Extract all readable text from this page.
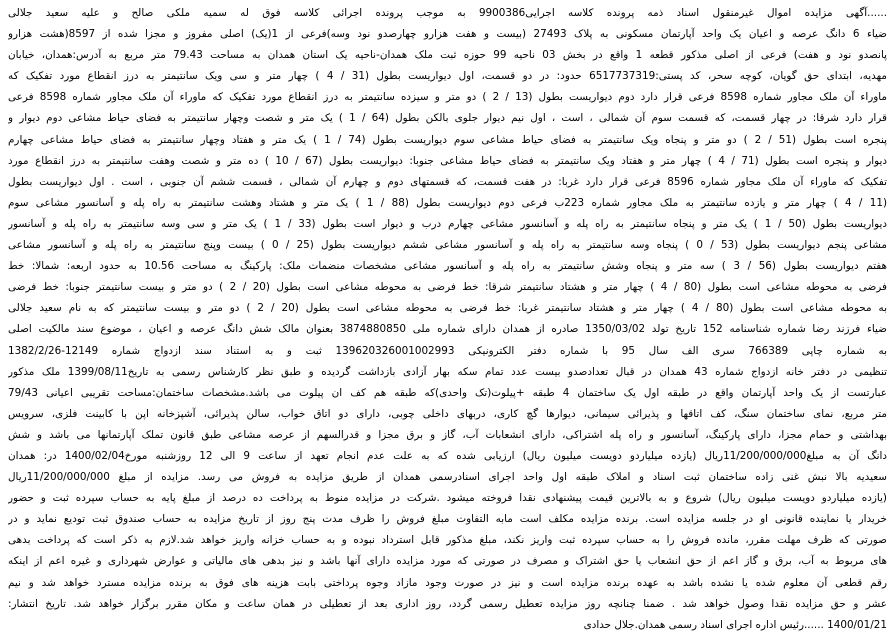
......آگهی مزایده اموال غیرمنقول اسناد ذمه پرونده کلاسه اجرایی9900386 به موجب پرونده اجرائی کلاسه فوق له سمیه ملکی صالح و علیه سعید جلالی

ضیاء 6 دانگ عرصه و اعیان یک واحد آپارتمان مسکونی به پلاک 27493 (بیست و هفت هزارو چهارصدو نود وسه)فرعی از 1(یک) اصلی مفروز و مجزا شده از 8597(هشت هزارو

پانصدو نود و هفت) فرعی از اصلی مذکور قطعه 1 واقع در بخش 03 ناحیه 99 حوزه ثبت ملک همدان-ناحیه یک استان همدان به مساحت 79.43 متر مربع به آدرس:همدان، خیابان

مهدیه، ابتدای حق گویان، کوچه سحر، کد پستی:6517737319 حدود: در دو قسمت، اول دیواریست بطول (31 / 4 ) چهار متر و سی ویک سانتیمتر به درز انقطاع مورد تفکیک که

ماوراء آن ملک مجاور شماره 8598 فرعی قرار دارد دوم دیواریست بطول (13 / 2 ) دو متر و سیزده سانتیمتر به درز انقطاع مورد تفکیک که ماوراء آن ملک مجاور شماره 8598 فرعی

قرار دارد شرقا: در چهار قسمت، که قسمت سوم آن شمالی ، است ، اول نیم دیوار جلوی بالکن بطول (64 / 1 ) یک متر و شصت وچهار سانتیمتر به فضای حیاط مشاعی دوم دیوار و

پنجره است بطول (51 / 2 ) دو متر و پنجاه ویک سانتیمتر به فضای حیاط مشاعی سوم دیواریست بطول (74 / 1 ) یک متر و هفتاد وچهار سانتیمتر به فضای حیاط مشاعی چهارم

دیوار و پنجره است بطول (71 / 4 ) چهار متر و هفتاد ویک سانتیمتر به فضای حیاط مشاعی جنوبا: دیواریست بطول (67 / 10 ) ده متر و شصت وهفت سانتیمتر به درز انقطاع مورد

تفکیک که ماوراء آن ملک مجاور شماره 8596 فرعی قرار دارد غربا: در هفت قسمت، که قسمتهای دوم و چهارم آن شمالی ، قسمت ششم آن جنوبی ، است . اول دیواریست بطول

(11 / 4 ) چهار متر و یازده سانتیمتر به ملک مجاور شماره 223ب فرعی دوم دیواریست بطول (88 / 1 ) یک متر و هشتاد وهشت سانتیمتر به راه پله و آسانسور مشاعی سوم

دیواریست بطول (50 / 1 ) یک متر و پنجاه سانتیمتر به راه پله و آسانسور مشاعی چهارم درب و دیوار است بطول (33 / 1 ) یک متر و سی وسه سانتیمتر به راه پله و آسانسور

مشاعی پنجم دیواریست بطول (53 / 0 ) پنجاه وسه سانتیمتر به راه پله و آسانسور مشاعی ششم دیواریست بطول (25 / 0 ) بیست وپنج سانتیمتر به راه پله و آسانسور مشاعی

هفتم دیواریست بطول (56 / 3 ) سه متر و پنجاه وشش سانتیمتر به راه پله و آسانسور مشاعی مشخصات منضمات ملک: پارکینگ به مساحت 10.56 به حدود اربعه: شمالا: خط

فرضی به محوطه مشاعی است بطول (80 / 4 ) چهار متر و هشتاد سانتیمتر شرقا: خط فرضی به محوطه مشاعی است بطول (20 / 2 ) دو متر و بیست سانتیمتر جنوبا: خط فرضی

به محوطه مشاعی است بطول (80 / 4 ) چهار متر و هشتاد سانتیمتر غربا: خط فرضی به محوطه مشاعی است بطول (20 / 2 ) دو متر و بیست سانتیمتر که به نام سعید جلالی

ضیاء فرزند رضا شماره شناسنامه 152 تاریخ تولد 1350/03/02 صادره از همدان دارای شماره ملی 3874880850 بعنوان مالک شش دانگ عرصه و اعیان ، موضوع سند مالکیت اصلی

به شماره چاپی 766389 سری الف سال 95 با شماره دفتر الکترونیکی 139620326001002993 ثبت و به استناد سند ازدواج شماره 12149-1382/2/26

تنظیمی در دفتر خانه ازدواج شماره 43 همدان در قبال تعدادصدو بیست عدد تمام سکه بهار آزادی بازداشت گردیده و طبق نظر کارشناس رسمی به تاریخ1399/08/11 ملک مذکور

عبارتست از یک واحد آپارتمان واقع در طبقه اول یک ساختمان 4 طبقه +پیلوت(تک واحدی)که طبقه هم کف ان پیلوت می باشد.مشخصات ساختمان:مساحت تقریبی اعیانی 79/43

متر مربع، نمای ساختمان سنگ، کف اتاقها و پذیرائی سیمانی، دیوارها گچ کاری، دربهای داخلی چوبی، دارای دو اتاق خواب، سالن پذیرائی، آشپزخانه اپن با کابینت فلزی، سرویس

بهداشتی و حمام مجزا، دارای پارکینگ، آسانسور و راه پله اشتراکی، دارای انشعابات آب، گاز و برق مجزا و قدرالسهم از عرصه مشاعی طبق قانون تملک آپارتمانها می باشد و شش

دانگ آن به مبلغ11/200/000/000ریال (یازده میلیاردو دویست میلیون ریال) ارزیابی شده که به علت عدم انجام تعهد از ساعت 9 الی 12 روزشنبه مورخ1400/02/04 در: همدان

سعیدیه بالا نبش غنی زاده ساختمان ثبت اسناد و املاک طبقه اول واحد اجرای اسنادرسمی همدان از طریق مزایده به فروش می رسد. مزایده از مبلغ 11/200/000/000ریال

(یازده میلیاردو دویست میلیون ریال) شروع و به بالاترین قیمت پیشنهادی نقدا فروخته میشود .شرکت در مزایده منوط به پرداخت ده درصد از مبلغ پایه به حساب سپرده ثبت و حضور

خریدار یا نماینده قانونی او در جلسه مزایده است. برنده مزایده مکلف است مابه التفاوت مبلغ فروش را ظرف مدت پنج روز از تاریخ مزایده به حساب صندوق ثبت تودیع نماید و در

صورتی که ظرف مهلت مقرر، مانده فروش را به حساب سپرده ثبت واریز نکند، مبلغ مذکور قابل استرداد نبوده و به حساب خزانه واریز خواهد شد.لازم به ذکر است که پرداخت بدهی

های مربوط به آب، برق و گاز اعم از حق انشعاب یا حق اشتراک و مصرف در صورتی که مورد مزایده دارای آنها باشد و نیز بدهی های مالیاتی و عوارض شهرداری و غیره اعم از اینکه

رقم قطعی آن معلوم شده یا نشده باشد به عهده برنده مزایده است و نیز در صورت وجود مازاد وجوه پرداختی بابت هزینه های فوق به برنده مزایده مسترد خواهد شد و نیم

عشر و حق مزایده نقدا وصول خواهد شد . ضمنا چنانچه روز مزایده تعطیل رسمی گردد، روز اداری بعد از تعطیلی در همان ساعت و مکان مقرر برگزار خواهد شد. تاریخ انتشار:

1400/01/21 ......رئیس اداره اجرای اسناد رسمی همدان.جلال حدادی
